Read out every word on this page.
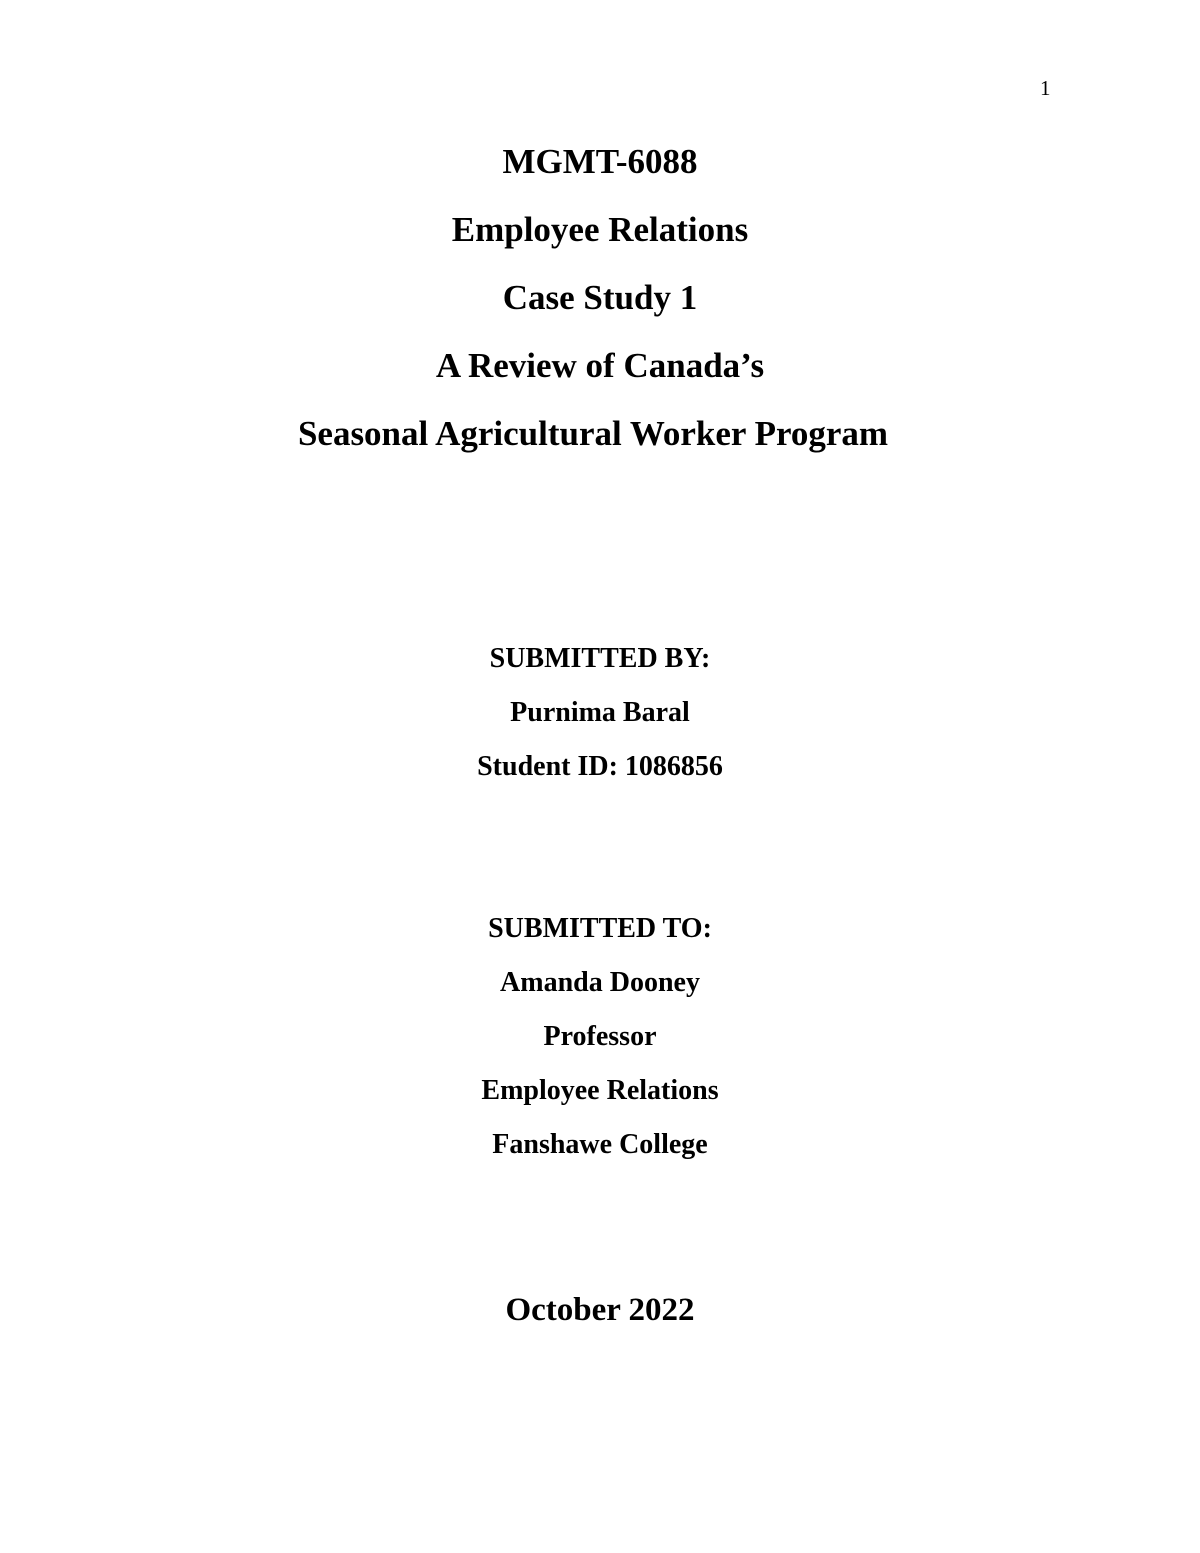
1
MGMT-6088
Employee Relations
Case Study 1
A Review of Canada’s
Seasonal Agricultural Worker Program
SUBMITTED BY:
Purnima Baral
Student ID: 1086856
SUBMITTED TO:
Amanda Dooney
Professor
Employee Relations
Fanshawe College
October 2022
